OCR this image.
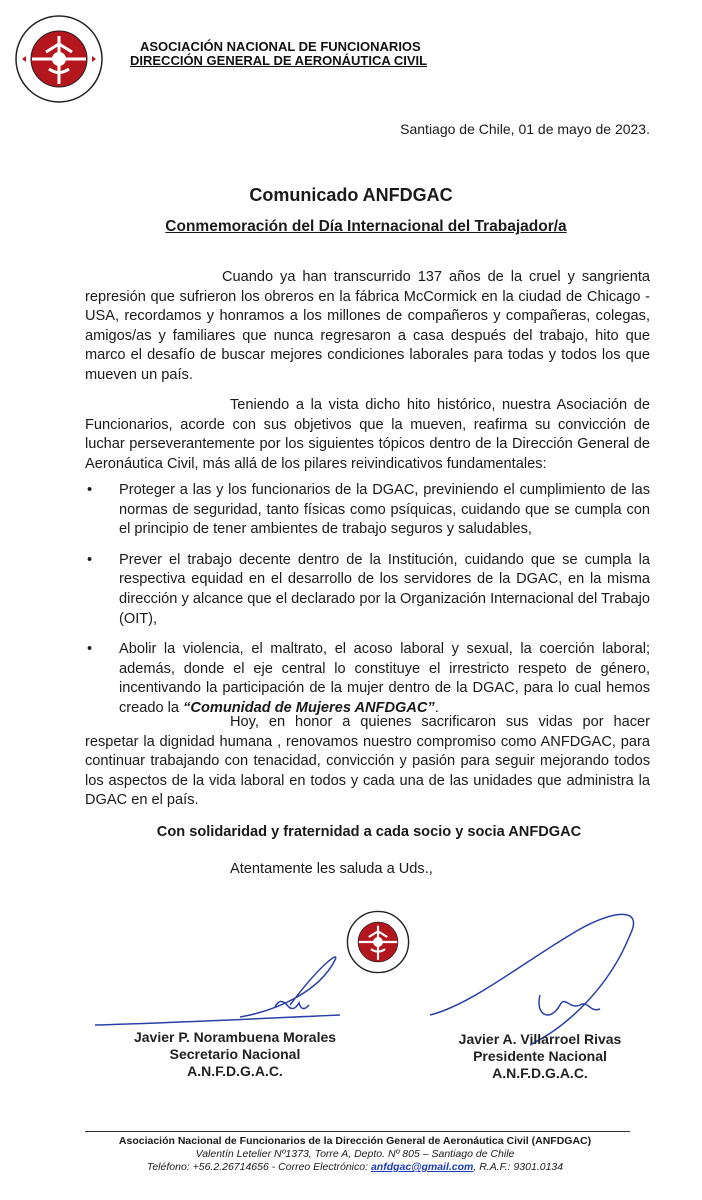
ASOCIACIÓN NACIONAL DE FUNCIONARIOS
DIRECCIÓN GENERAL DE AERONÁUTICA CIVIL
Santiago de Chile, 01 de mayo de 2023.
Comunicado ANFDGAC
Conmemoración del Día Internacional del Trabajador/a
Cuando ya han transcurrido 137 años de la cruel y sangrienta represión que sufrieron los obreros en la fábrica McCormick en la ciudad de Chicago - USA, recordamos y honramos a los millones de compañeros y compañeras, colegas, amigos/as y familiares que nunca regresaron a casa después del trabajo, hito que marco el desafío de buscar mejores condiciones laborales para todas y todos los que mueven un país.
Teniendo a la vista dicho hito histórico, nuestra Asociación de Funcionarios, acorde con sus objetivos que la mueven, reafirma su convicción de luchar perseverantemente por los siguientes tópicos dentro de la Dirección General de Aeronáutica Civil, más allá de los pilares reivindicativos fundamentales:
• Proteger a las y los funcionarios de la DGAC, previniendo el cumplimiento de las normas de seguridad, tanto físicas como psíquicas, cuidando que se cumpla con el principio de tener ambientes de trabajo seguros y saludables,
• Prever el trabajo decente dentro de la Institución, cuidando que se cumpla la respectiva equidad en el desarrollo de los servidores de la DGAC, en la misma dirección y alcance que el declarado por la Organización Internacional del Trabajo (OIT),
• Abolir la violencia, el maltrato, el acoso laboral y sexual, la coerción laboral; además, donde el eje central lo constituye el irrestricto respeto de género, incentivando la participación de la mujer dentro de la DGAC, para lo cual hemos creado la “Comunidad de Mujeres ANFDGAC”.
Hoy, en honor a quienes sacrificaron sus vidas por hacer respetar la dignidad humana , renovamos nuestro compromiso como ANFDGAC, para continuar trabajando con tenacidad, convicción y pasión para seguir mejorando todos los aspectos de la vida laboral en todos y cada una de las unidades que administra la DGAC en el país.
Con solidaridad y fraternidad a cada socio y socia ANFDGAC
Atentamente les saluda a Uds.,
Javier P. Norambuena Morales
Secretario Nacional
A.N.F.D.G.A.C.
Javier A. Villarroel Rivas
Presidente Nacional
A.N.F.D.G.A.C.
Asociación Nacional de Funcionarios de la Dirección General de Aeronáutica Civil (ANFDGAC)
Valentín Letelier Nº1373, Torre A, Depto. Nº 805 – Santiago de Chile
Teléfono: +56.2.26714656 - Correo Electrónico: anfdgac@gmail.com, R.A.F.: 9301.0134
